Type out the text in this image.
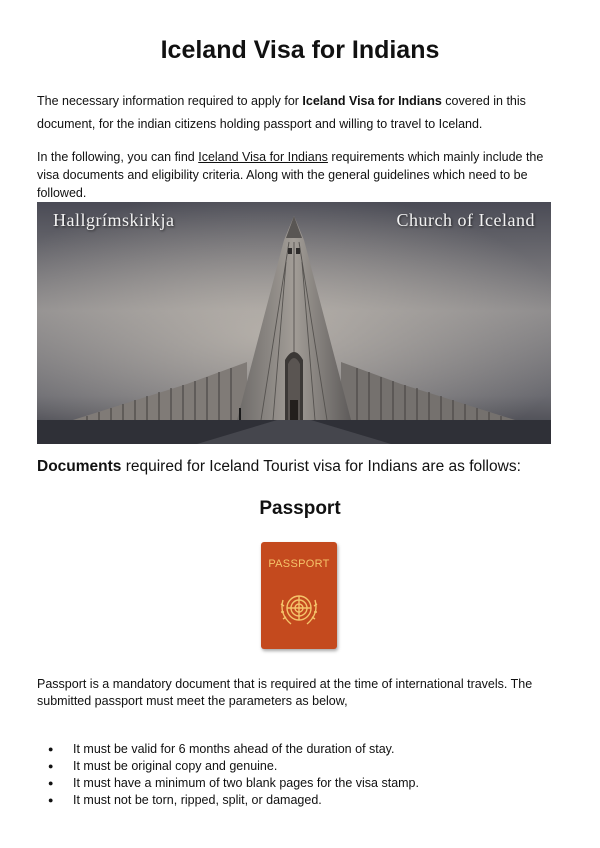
Iceland Visa for Indians

The necessary information required to apply for Iceland Visa for Indians covered in this document, for the indian citizens holding passport and willing to travel to Iceland.

In the following, you can find Iceland Visa for Indians requirements which mainly include the visa documents and eligibility criteria. Along with the general guidelines which need to be followed.

Hallgrímskirkja	Church of Iceland

Documents required for Iceland Tourist visa for Indians are as follows:

Passport
PASSPORT

Passport is a mandatory document that is required at the time of international travels. The submitted passport must meet the parameters as below,

● It must be valid for 6 months ahead of the duration of stay.
● It must be original copy and genuine.
● It must have a minimum of two blank pages for the visa stamp.
● It must not be torn, ripped, split, or damaged.
